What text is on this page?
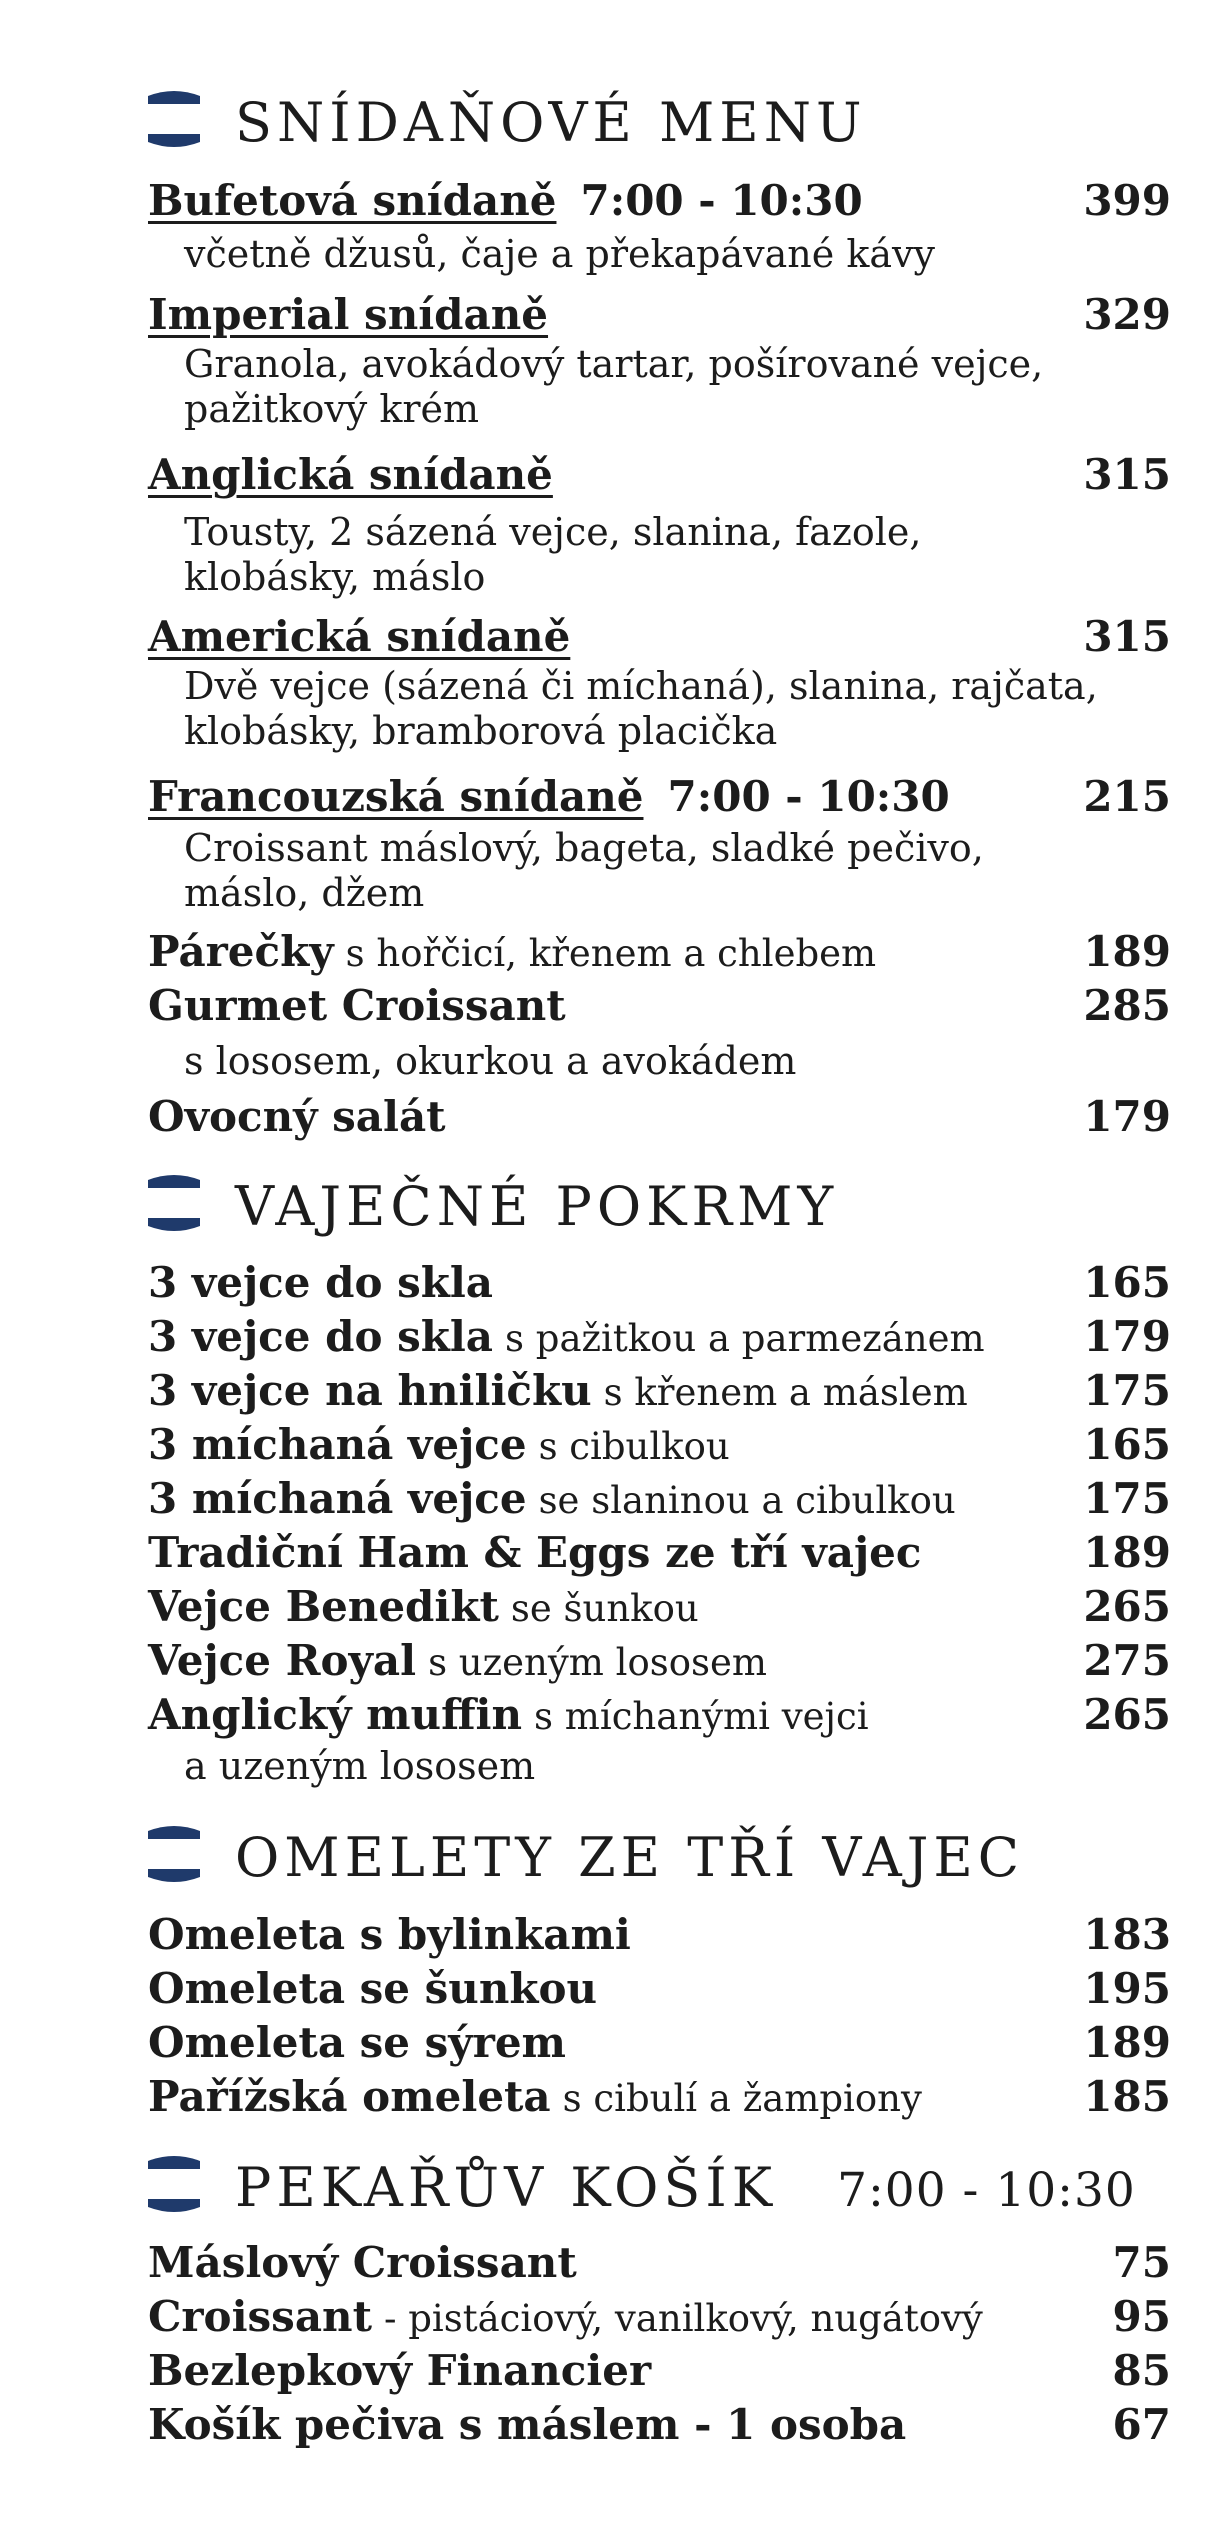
SNÍDAŇOVÉ MENU
Bufetová snídaně 7:00 - 10:30	399
včetně džusů, čaje a překapávané kávy
Imperial snídaně	329
Granola, avokádový tartar, pošírované vejce,
pažitkový krém
Anglická snídaně	315
Tousty, 2 sázená vejce, slanina, fazole,
klobásky, máslo
Americká snídaně	315
Dvě vejce (sázená či míchaná), slanina, rajčata,
klobásky, bramborová placička
Francouzská snídaně 7:00 - 10:30	215
Croissant máslový, bageta, sladké pečivo,
máslo, džem
Párečky s hořčicí, křenem a chlebem	189
Gurmet Croissant	285
s lososem, okurkou a avokádem
Ovocný salát	179
VAJEČNÉ POKRMY
3 vejce do skla	165
3 vejce do skla s pažitkou a parmezánem 179
3 vejce na hniličku s křenem a máslem	175
3 míchaná vejce s cibulkou	165
3 míchaná vejce se slaninou a cibulkou	175
Tradiční Ham & Eggs ze tří vajec	189
Vejce Benedikt se šunkou	265
Vejce Royal s uzeným lososem	275
Anglický muffin s míchanými vejci	265
a uzeným lososem
OMELETY ZE TŘÍ VAJEC
Omeleta s bylinkami	183
Omeleta se šunkou	195
Omeleta se sýrem	189
Pařížská omeleta s cibulí a žampiony	185
PEKAŘŮV KOŠÍK 7:00 - 10:30
Máslový Croissant	75
Croissant - pistáciový, vanilkový, nugátový	95
Bezlepkový Financier	85
Košík pečiva s máslem - 1 osoba	67
